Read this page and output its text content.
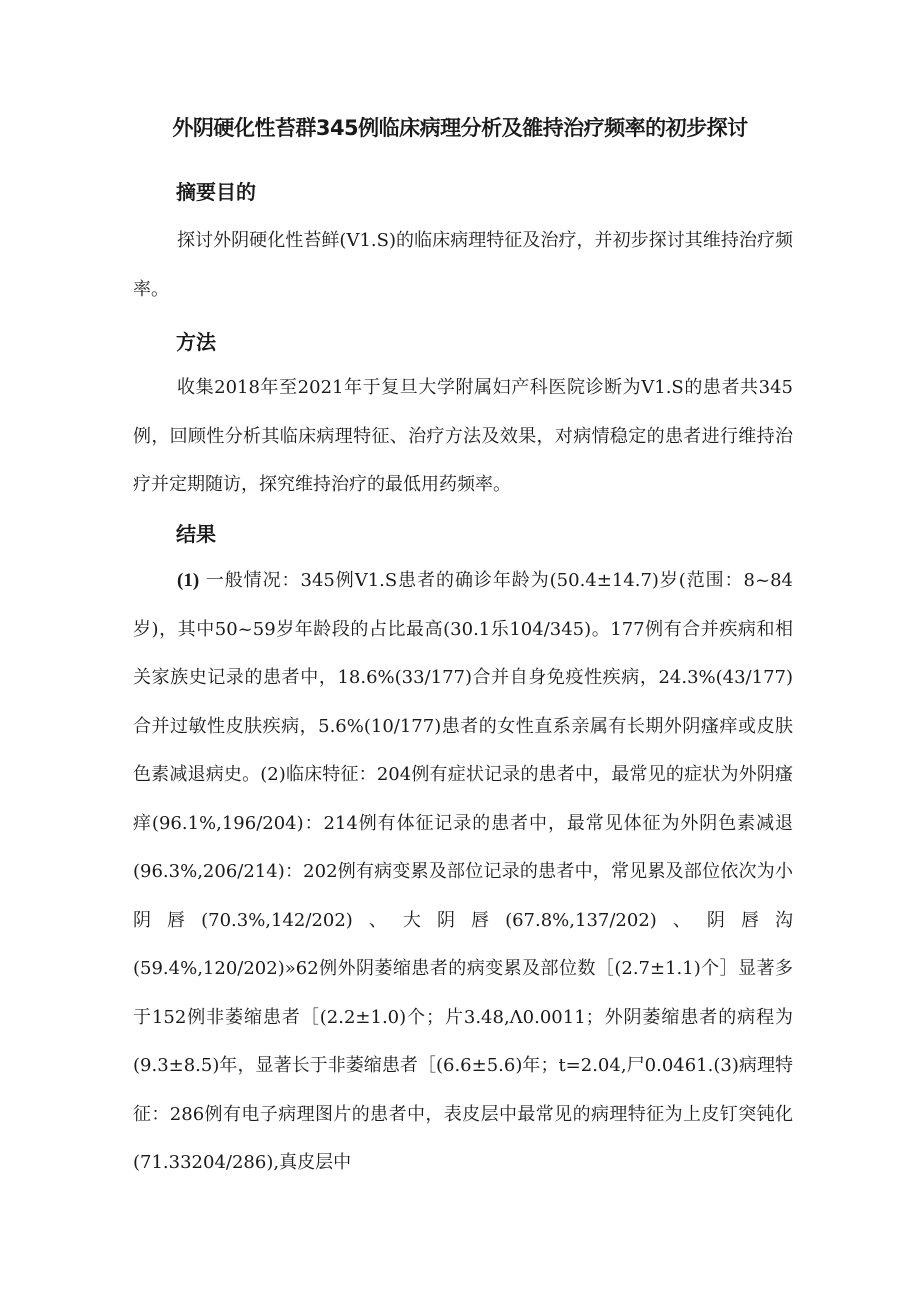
外阴硬化性苔群345例临床病理分析及雒持治疗频率的初步探讨
摘要目的

探讨外阴硬化性苔鲜(V1.S)的临床病理特征及治疗，并初步探讨其维持治疗频率。

方法

收集2018年至2021年于复旦大学附属妇产科医院诊断为V1.S的患者共345例，回顾性分析其临床病理特征、治疗方法及效果，对病情稳定的患者进行维持治疗并定期随访，探究维持治疗的最低用药频率。

结果

(1) 一般情况：345例V1.S患者的确诊年龄为(50.4±14.7)岁(范围：8~84岁)，其中50~59岁年龄段的占比最高(30.1乐104/345)。177例有合并疾病和相关家族史记录的患者中，18.6%(33/177)合并自身免疫性疾病，24.3%(43/177)合并过敏性皮肤疾病，5.6%(10/177)患者的女性直系亲属有长期外阴瘙痒或皮肤色素减退病史。(2)临床特征：204例有症状记录的患者中，最常见的症状为外阴瘙痒(96.1%,196/204)：214例有体征记录的患者中，最常见体征为外阴色素减退(96.3%,206/214)：202例有病变累及部位记录的患者中，常见累及部位依次为小阴唇(70.3%,142/202)、大阴唇(67.8%,137/202)、阴唇沟(59.4%,120/202)»62例外阴萎缩患者的病变累及部位数［(2.7±1.1)个］显著多于152例非萎缩患者［(2.2±1.0)个；片3.48,Λ0.0011；外阴萎缩患者的病程为(9.3±8.5)年，显著长于非萎缩患者［(6.6±5.6)年；t=2.04,尸0.0461.(3)病理特征：286例有电子病理图片的患者中，表皮层中最常见的病理特征为上皮钉突钝化(71.33204/286),真皮层中
